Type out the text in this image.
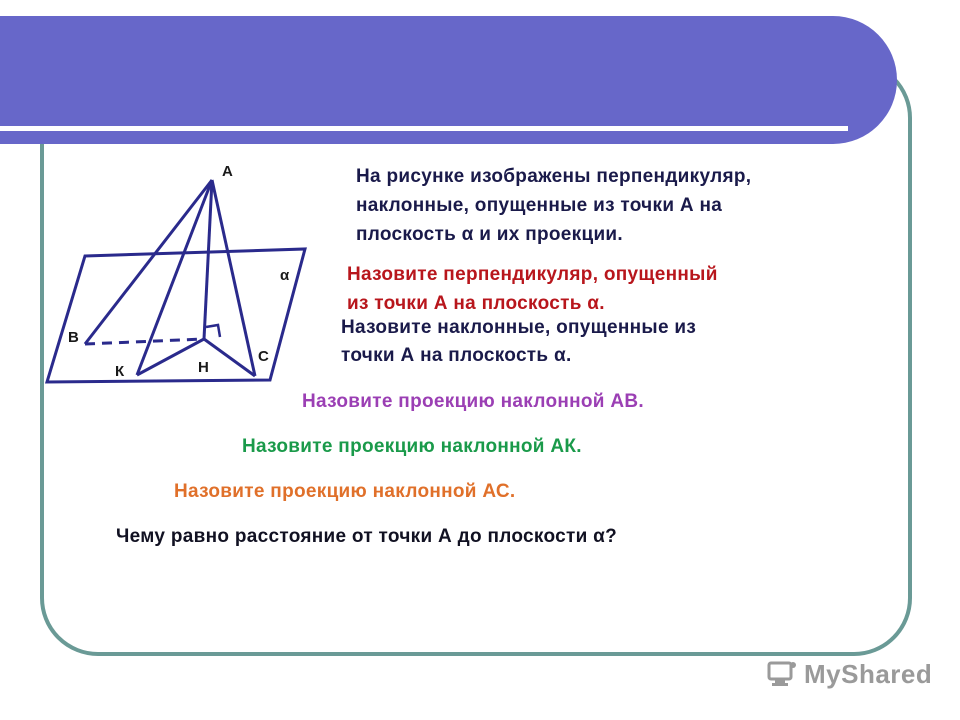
A
B
К	Н
С
α

На рисунке изображены перпендикуляр,

наклонные, опущенные из точки А на

плоскость α и их проекции.

Назовите перпендикуляр, опущенный

из точки А на плоскость α.

Назовите наклонные, опущенные из

точки А на плоскость α.

Назовите проекцию наклонной АВ.

Назовите проекцию наклонной АК.

Назовите проекцию наклонной АС.

Чему равно расстояние от точки А до плоскости α?

MyShared
